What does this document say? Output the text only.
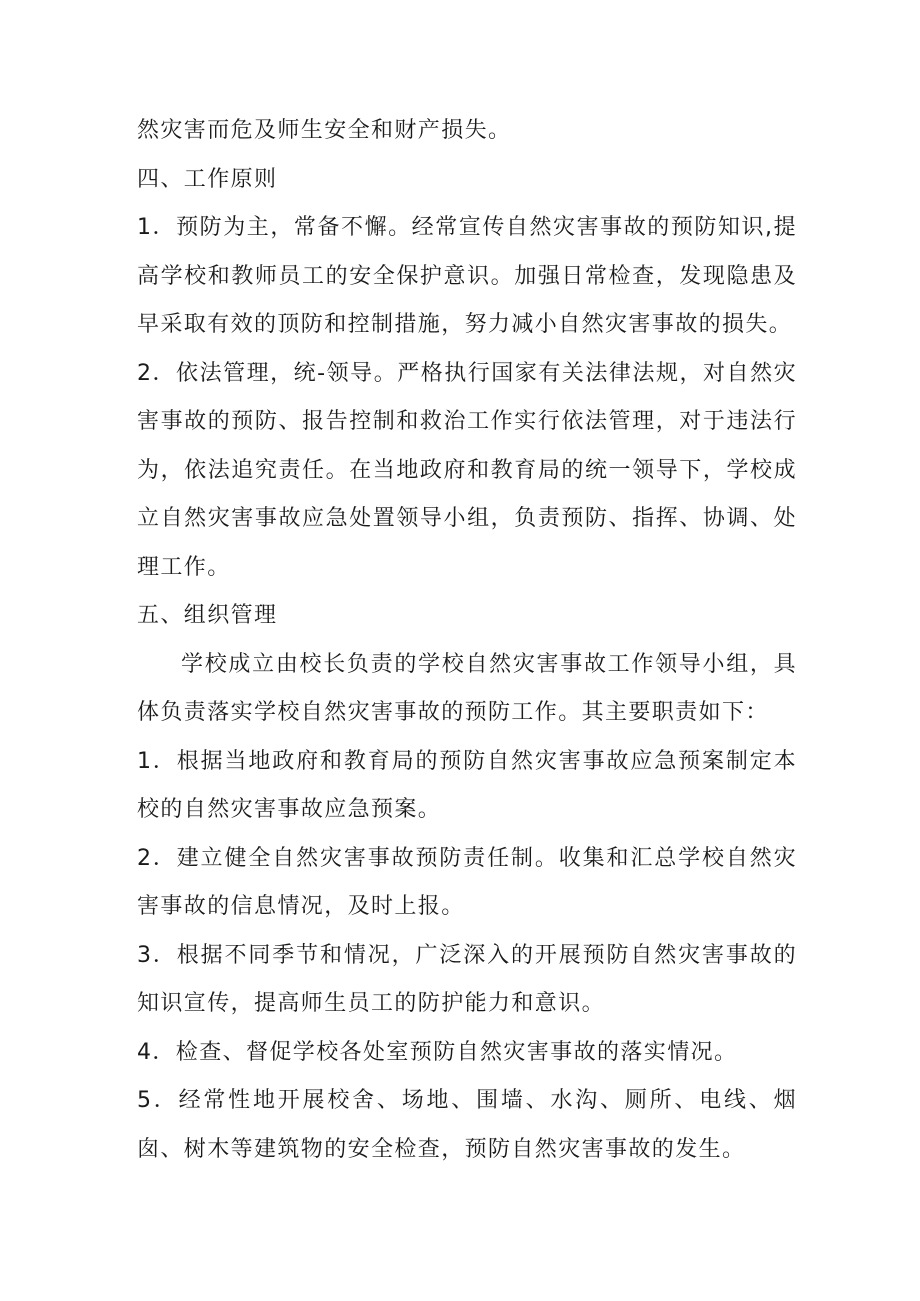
然灾害而危及师生安全和财产损失。

四、工作原则

1．预防为主，常备不懈。经常宣传自然灾害事故的预防知识,提高学校和教师员工的安全保护意识。加强日常检查，发现隐患及早采取有效的顶防和控制措施，努力减小自然灾害事故的损失。

2．依法管理，统-领导。严格执行国家有关法律法规，对自然灾害事故的预防、报告控制和救治工作实行依法管理，对于违法行为，依法追究责任。在当地政府和教育局的统一领导下，学校成立自然灾害事故应急处置领导小组，负责预防、指挥、协调、处理工作。

五、组织管理

学校成立由校长负责的学校自然灾害事故工作领导小组，具体负责落实学校自然灾害事故的预防工作。其主要职责如下：

1．根据当地政府和教育局的预防自然灾害事故应急预案制定本校的自然灾害事故应急预案。

2．建立健全自然灾害事故预防责任制。收集和汇总学校自然灾害事故的信息情况，及时上报。

3．根据不同季节和情况，广泛深入的开展预防自然灾害事故的知识宣传，提高师生员工的防护能力和意识。

4．检查、督促学校各处室预防自然灾害事故的落实情况。

5．经常性地开展校舍、场地、围墙、水沟、厕所、电线、烟囱、树木等建筑物的安全检查，预防自然灾害事故的发生。
